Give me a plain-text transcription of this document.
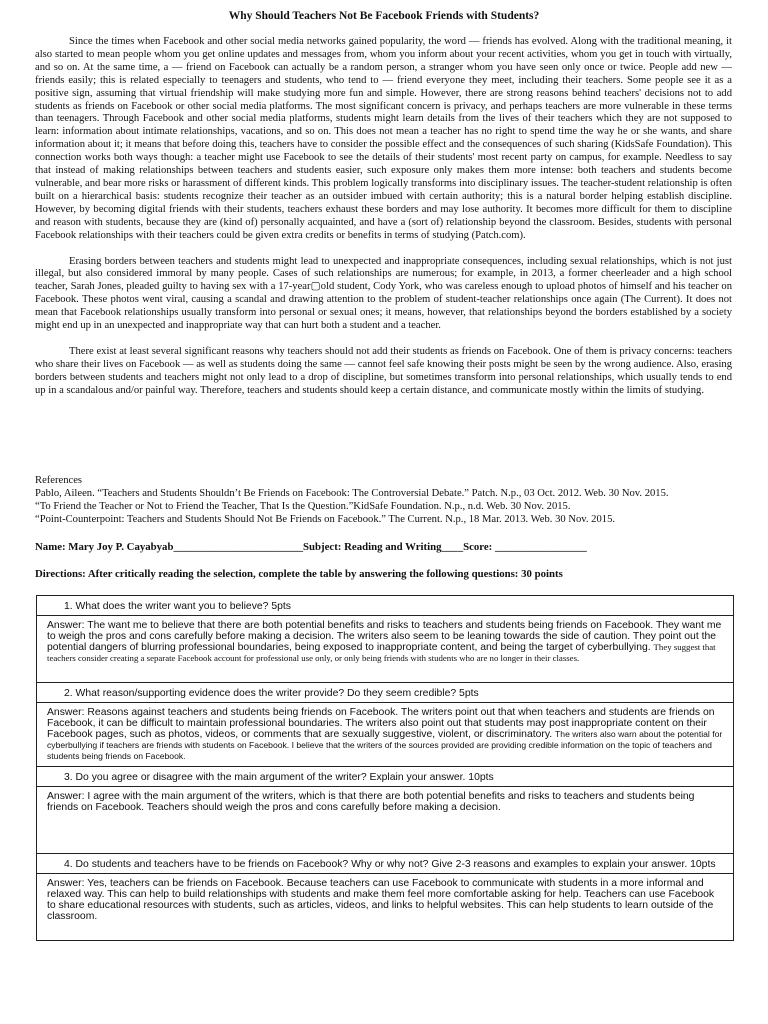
Why Should Teachers Not Be Facebook Friends with Students?

Since the times when Facebook and other social media networks gained popularity, the word — friends has evolved. Along with the traditional meaning, it also started to mean people whom you get online updates and messages from, whom you inform about your recent activities, whom you get in touch with virtually, and so on. At the same time, a — friend on Facebook can actually be a random person, a stranger whom you have seen only once or twice. People add new — friends easily; this is related especially to teenagers and students, who tend to — friend everyone they meet, including their teachers. Some people see it as a positive sign, assuming that virtual friendship will make studying more fun and simple. However, there are strong reasons behind teachers' decisions not to add students as friends on Facebook or other social media platforms. The most significant concern is privacy, and perhaps teachers are more vulnerable in these terms than teenagers. Through Facebook and other social media platforms, students might learn details from the lives of their teachers which they are not supposed to learn: information about intimate relationships, vacations, and so on. This does not mean a teacher has no right to spend time the way he or she wants, and share information about it; it means that before doing this, teachers have to consider the possible effect and the consequences of such sharing (KidsSafe Foundation). This connection works both ways though: a teacher might use Facebook to see the details of their students' most recent party on campus, for example. Needless to say that instead of making relationships between teachers and students easier, such exposure only makes them more intense: both teachers and students become vulnerable, and bear more risks or harassment of different kinds. This problem logically transforms into disciplinary issues. The teacher-student relationship is often built on a hierarchical basis: students recognize their teacher as an outsider imbued with certain authority; this is a natural border helping establish discipline. However, by becoming digital friends with their students, teachers exhaust these borders and may lose authority. It becomes more difficult for them to discipline and reason with students, because they are (kind of) personally acquainted, and have a (sort of) relationship beyond the classroom. Besides, students with personal Facebook relationships with their teachers could be given extra credits or benefits in terms of studying (Patch.com).

Erasing borders between teachers and students might lead to unexpected and inappropriate consequences, including sexual relationships, which is not just illegal, but also considered immoral by many people. Cases of such relationships are numerous; for example, in 2013, a former cheerleader and a high school teacher, Sarah Jones, pleaded guilty to having sex with a 17-year▢old student, Cody York, who was careless enough to upload photos of himself and his teacher on Facebook. These photos went viral, causing a scandal and drawing attention to the problem of student-teacher relationships once again (The Current). It does not mean that Facebook relationships usually transform into personal or sexual ones; it means, however, that relationships beyond the borders established by a society might end up in an unexpected and inappropriate way that can hurt both a student and a teacher.

There exist at least several significant reasons why teachers should not add their students as friends on Facebook. One of them is privacy concerns: teachers who share their lives on Facebook — as well as students doing the same — cannot feel safe knowing their posts might be seen by the wrong audience. Also, erasing borders between students and teachers might not only lead to a drop of discipline, but sometimes transform into personal relationships, which usually tends to end up in a scandalous and/or painful way. Therefore, teachers and students should keep a certain distance, and communicate mostly within the limits of studying.

References
Pablo, Aileen. “Teachers and Students Shouldn’t Be Friends on Facebook: The Controversial Debate.” Patch. N.p., 03 Oct. 2012. Web. 30 Nov. 2015.
“To Friend the Teacher or Not to Friend the Teacher, That Is the Question.”KidSafe Foundation. N.p., n.d. Web. 30 Nov. 2015.
“Point-Counterpoint: Teachers and Students Should Not Be Friends on Facebook.” The Current. N.p., 18 Mar. 2013. Web. 30 Nov. 2015.
Name: Mary Joy P. Cayabyab________________________Subject: Reading and Writing____Score: _________________
Directions: After critically reading the selection, complete the table by answering the following questions: 30 points
1. What does the writer want you to believe? 5pts
Answer: The want me to believe that there are both potential benefits and risks to teachers and students being friends on Facebook. They want me to weigh the pros and cons carefully before making a decision. The writers also seem to be leaning towards the side of caution. They point out the potential dangers of blurring professional boundaries, being exposed to inappropriate content, and being the target of cyberbullying. They suggest that teachers consider creating a separate Facebook account for professional use only, or only being friends with students who are no longer in their classes.
2. What reason/supporting evidence does the writer provide? Do they seem credible? 5pts
Answer: Reasons against teachers and students being friends on Facebook. The writers point out that when teachers and students are friends on Facebook, it can be difficult to maintain professional boundaries. The writers also point out that students may post inappropriate content on their Facebook pages, such as photos, videos, or comments that are sexually suggestive, violent, or discriminatory. The writers also warn about the potential for cyberbullying if teachers are friends with students on Facebook. I believe that the writers of the sources provided are providing credible information on the topic of teachers and students being friends on Facebook.
3. Do you agree or disagree with the main argument of the writer? Explain your answer. 10pts
Answer: I agree with the main argument of the writers, which is that there are both potential benefits and risks to teachers and students being friends on Facebook. Teachers should weigh the pros and cons carefully before making a decision.
4. Do students and teachers have to be friends on Facebook? Why or why not? Give 2-3 reasons and examples to explain your answer. 10pts
Answer: Yes, teachers can be friends on Facebook. Because teachers can use Facebook to communicate with students in a more informal and relaxed way. This can help to build relationships with students and make them feel more comfortable asking for help. Teachers can use Facebook to share educational resources with students, such as articles, videos, and links to helpful websites. This can help students to learn outside of the classroom.
